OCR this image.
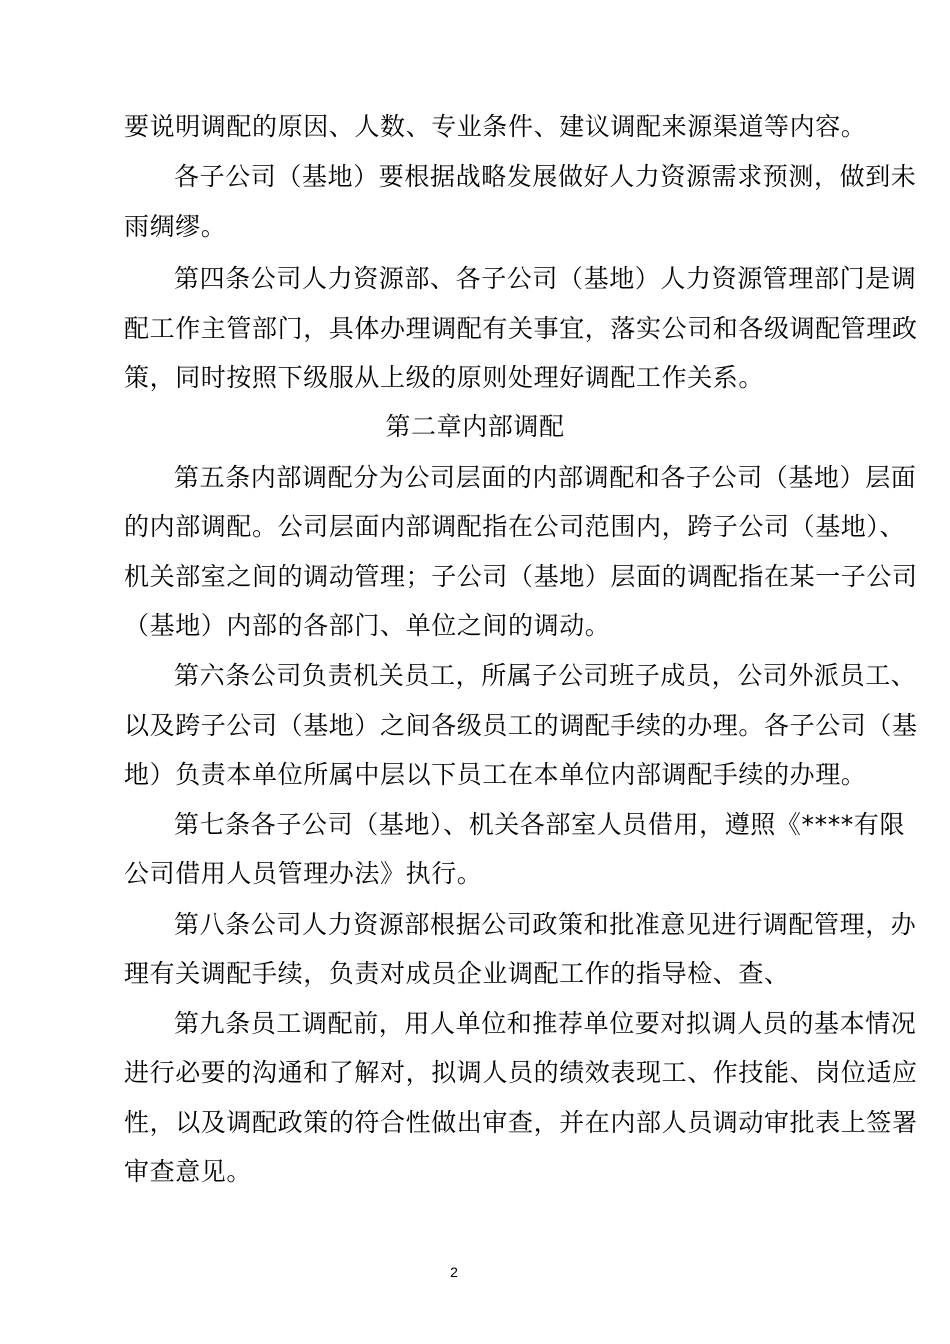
要说明调配的原因、人数、专业条件、建议调配来源渠道等内容。
各子公司（基地）要根据战略发展做好人力资源需求预测，做到未
雨绸缪。
第四条公司人力资源部、各子公司（基地）人力资源管理部门是调
配工作主管部门，具体办理调配有关事宜，落实公司和各级调配管理政
策，同时按照下级服从上级的原则处理好调配工作关系。
第二章内部调配
第五条内部调配分为公司层面的内部调配和各子公司（基地）层面
的内部调配。公司层面内部调配指在公司范围内，跨子公司（基地）、
机关部室之间的调动管理；子公司（基地）层面的调配指在某一子公司
（基地）内部的各部门、单位之间的调动。
第六条公司负责机关员工，所属子公司班子成员，公司外派员工、
以及跨子公司（基地）之间各级员工的调配手续的办理。各子公司（基
地）负责本单位所属中层以下员工在本单位内部调配手续的办理。
第七条各子公司（基地）、机关各部室人员借用，遵照《****有限
公司借用人员管理办法》执行。
第八条公司人力资源部根据公司政策和批准意见进行调配管理，办
理有关调配手续，负责对成员企业调配工作的指导检、查、
第九条员工调配前，用人单位和推荐单位要对拟调人员的基本情况
进行必要的沟通和了解对，拟调人员的绩效表现工、作技能、岗位适应
性，以及调配政策的符合性做出审查，并在内部人员调动审批表上签署
审查意见。
2
